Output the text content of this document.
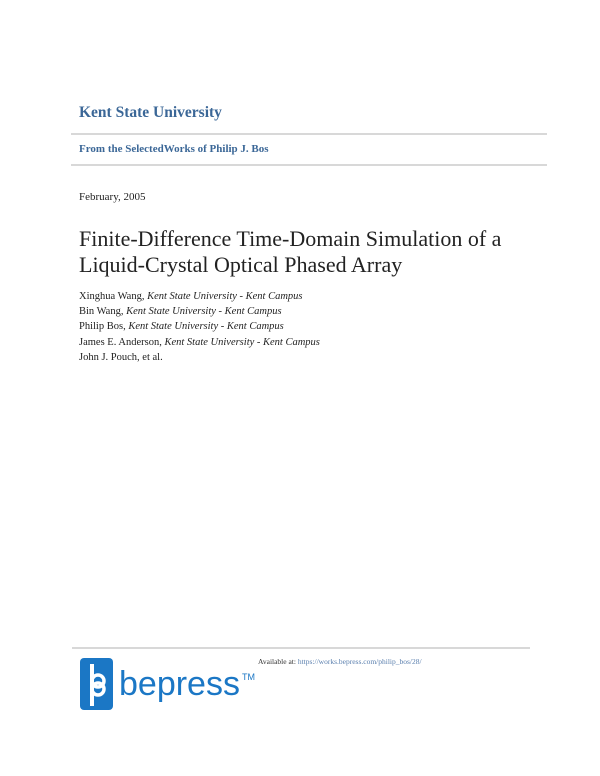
Kent State University
From the SelectedWorks of Philip J. Bos
February, 2005
Finite-Difference Time-Domain Simulation of a Liquid-Crystal Optical Phased Array
Xinghua Wang, Kent State University - Kent Campus
Bin Wang, Kent State University - Kent Campus
Philip Bos, Kent State University - Kent Campus
James E. Anderson, Kent State University - Kent Campus
John J. Pouch, et al.
bepress TM
Available at: https://works.bepress.com/philip_bos/28/
